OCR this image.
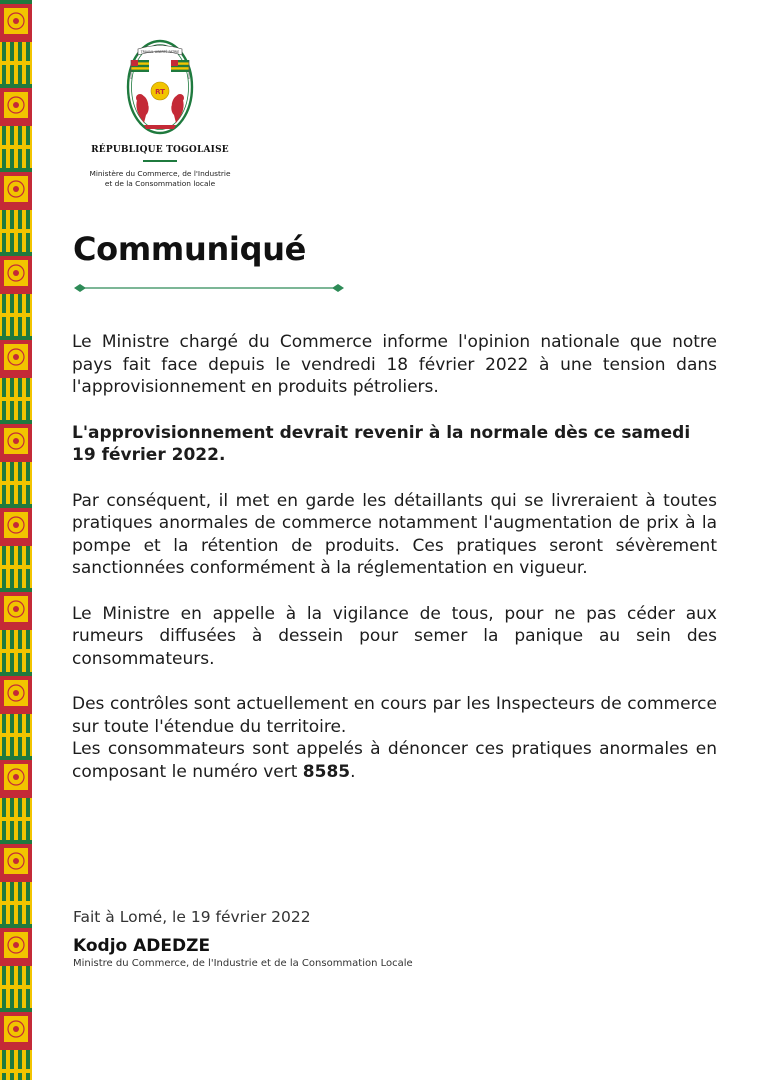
TRAVAIL LIBERTÉ PATRIE
RT
RÉPUBLIQUE TOGOLAISE
Ministère du Commerce, de l'Industrie
et de la Consommation locale
Communiqué

Le Ministre chargé du Commerce informe l'opinion nationale que notre pays fait face depuis le vendredi 18 février 2022 à une tension dans l'approvisionnement en produits pétroliers.

L'approvisionnement devrait revenir à la normale dès ce samedi 19 février 2022.

Par conséquent, il met en garde les détaillants qui se livreraient à toutes pratiques anormales de commerce notamment l'augmentation de prix à la pompe et la rétention de produits. Ces pratiques seront sévèrement sanctionnées conformément à la réglementation en vigueur.

Le Ministre en appelle à la vigilance de tous, pour ne pas céder aux rumeurs diffusées à dessein pour semer la panique au sein des consommateurs.

Des contrôles sont actuellement en cours par les Inspecteurs de commerce sur toute l'étendue du territoire.

Les consommateurs sont appelés à dénoncer ces pratiques anormales en composant le numéro vert 8585.

Fait à Lomé, le 19 février 2022

Kodjo ADEDZE

Ministre du Commerce, de l'Industrie et de la Consommation Locale
